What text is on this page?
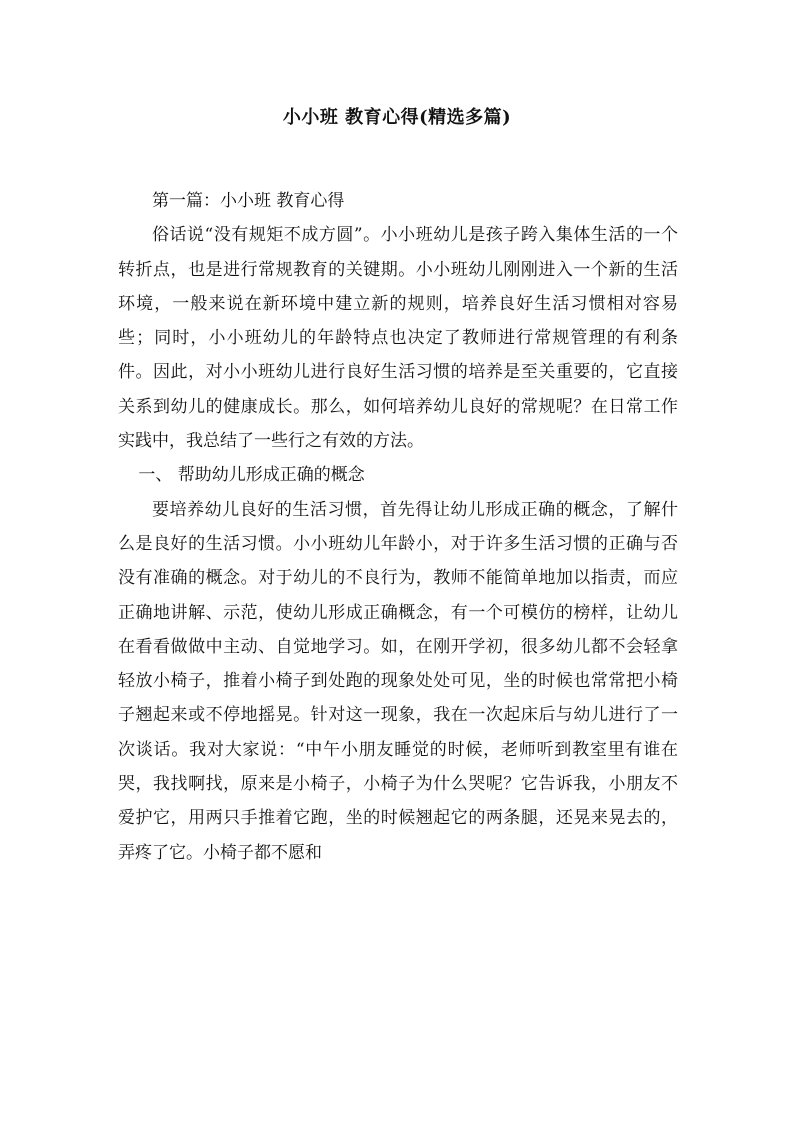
小小班 教育心得(精选多篇)

第一篇：小小班 教育心得

俗话说“没有规矩不成方圆”。小小班幼儿是孩子跨入集体生活的一个转折点，也是进行常规教育的关键期。小小班幼儿刚刚进入一个新的生活环境，一般来说在新环境中建立新的规则，培养良好生活习惯相对容易些；同时，小小班幼儿的年龄特点也决定了教师进行常规管理的有利条件。因此，对小小班幼儿进行良好生活习惯的培养是至关重要的，它直接关系到幼儿的健康成长。那么，如何培养幼儿良好的常规呢？在日常工作实践中，我总结了一些行之有效的方法。

一、 帮助幼儿形成正确的概念

要培养幼儿良好的生活习惯，首先得让幼儿形成正确的概念，了解什么是良好的生活习惯。小小班幼儿年龄小，对于许多生活习惯的正确与否没有准确的概念。对于幼儿的不良行为，教师不能简单地加以指责，而应正确地讲解、示范，使幼儿形成正确概念，有一个可模仿的榜样，让幼儿在看看做做中主动、自觉地学习。如，在刚开学初，很多幼儿都不会轻拿轻放小椅子，推着小椅子到处跑的现象处处可见，坐的时候也常常把小椅子翘起来或不停地摇晃。针对这一现象，我在一次起床后与幼儿进行了一次谈话。我对大家说：“中午小朋友睡觉的时候，老师听到教室里有谁在哭，我找啊找，原来是小椅子，小椅子为什么哭呢？它告诉我，小朋友不爱护它，用两只手推着它跑，坐的时候翘起它的两条腿，还晃来晃去的，弄疼了它。小椅子都不愿和
